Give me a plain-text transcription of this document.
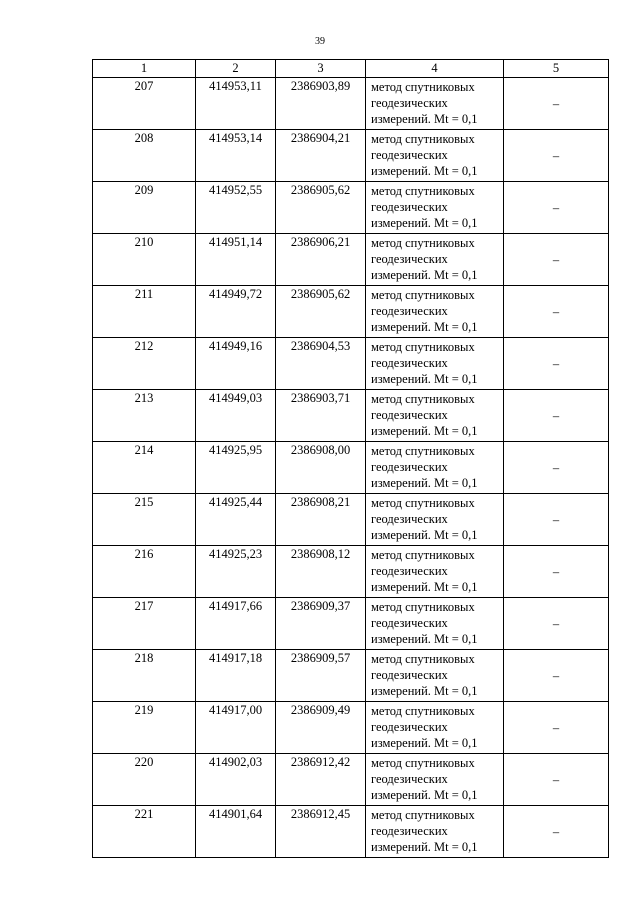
39
1	2	3	4	5
207	414953,11	2386903,89	метод спутниковых
геодезических
измерений. Mt = 0,1	–
208	414953,14	2386904,21	метод спутниковых
геодезических
измерений. Mt = 0,1	–
209	414952,55	2386905,62	метод спутниковых
геодезических
измерений. Mt = 0,1	–
210	414951,14	2386906,21	метод спутниковых
геодезических
измерений. Mt = 0,1	–
211	414949,72	2386905,62	метод спутниковых
геодезических
измерений. Mt = 0,1	–
212	414949,16	2386904,53	метод спутниковых
геодезических
измерений. Mt = 0,1	–
213	414949,03	2386903,71	метод спутниковых
геодезических
измерений. Mt = 0,1	–
214	414925,95	2386908,00	метод спутниковых
геодезических
измерений. Mt = 0,1	–
215	414925,44	2386908,21	метод спутниковых
геодезических
измерений. Mt = 0,1	–
216	414925,23	2386908,12	метод спутниковых
геодезических
измерений. Mt = 0,1	–
217	414917,66	2386909,37	метод спутниковых
геодезических
измерений. Mt = 0,1	–
218	414917,18	2386909,57	метод спутниковых
геодезических
измерений. Mt = 0,1	–
219	414917,00	2386909,49	метод спутниковых
геодезических
измерений. Mt = 0,1	–
220	414902,03	2386912,42	метод спутниковых
геодезических
измерений. Mt = 0,1	–
221	414901,64	2386912,45	метод спутниковых
геодезических
измерений. Mt = 0,1	–
